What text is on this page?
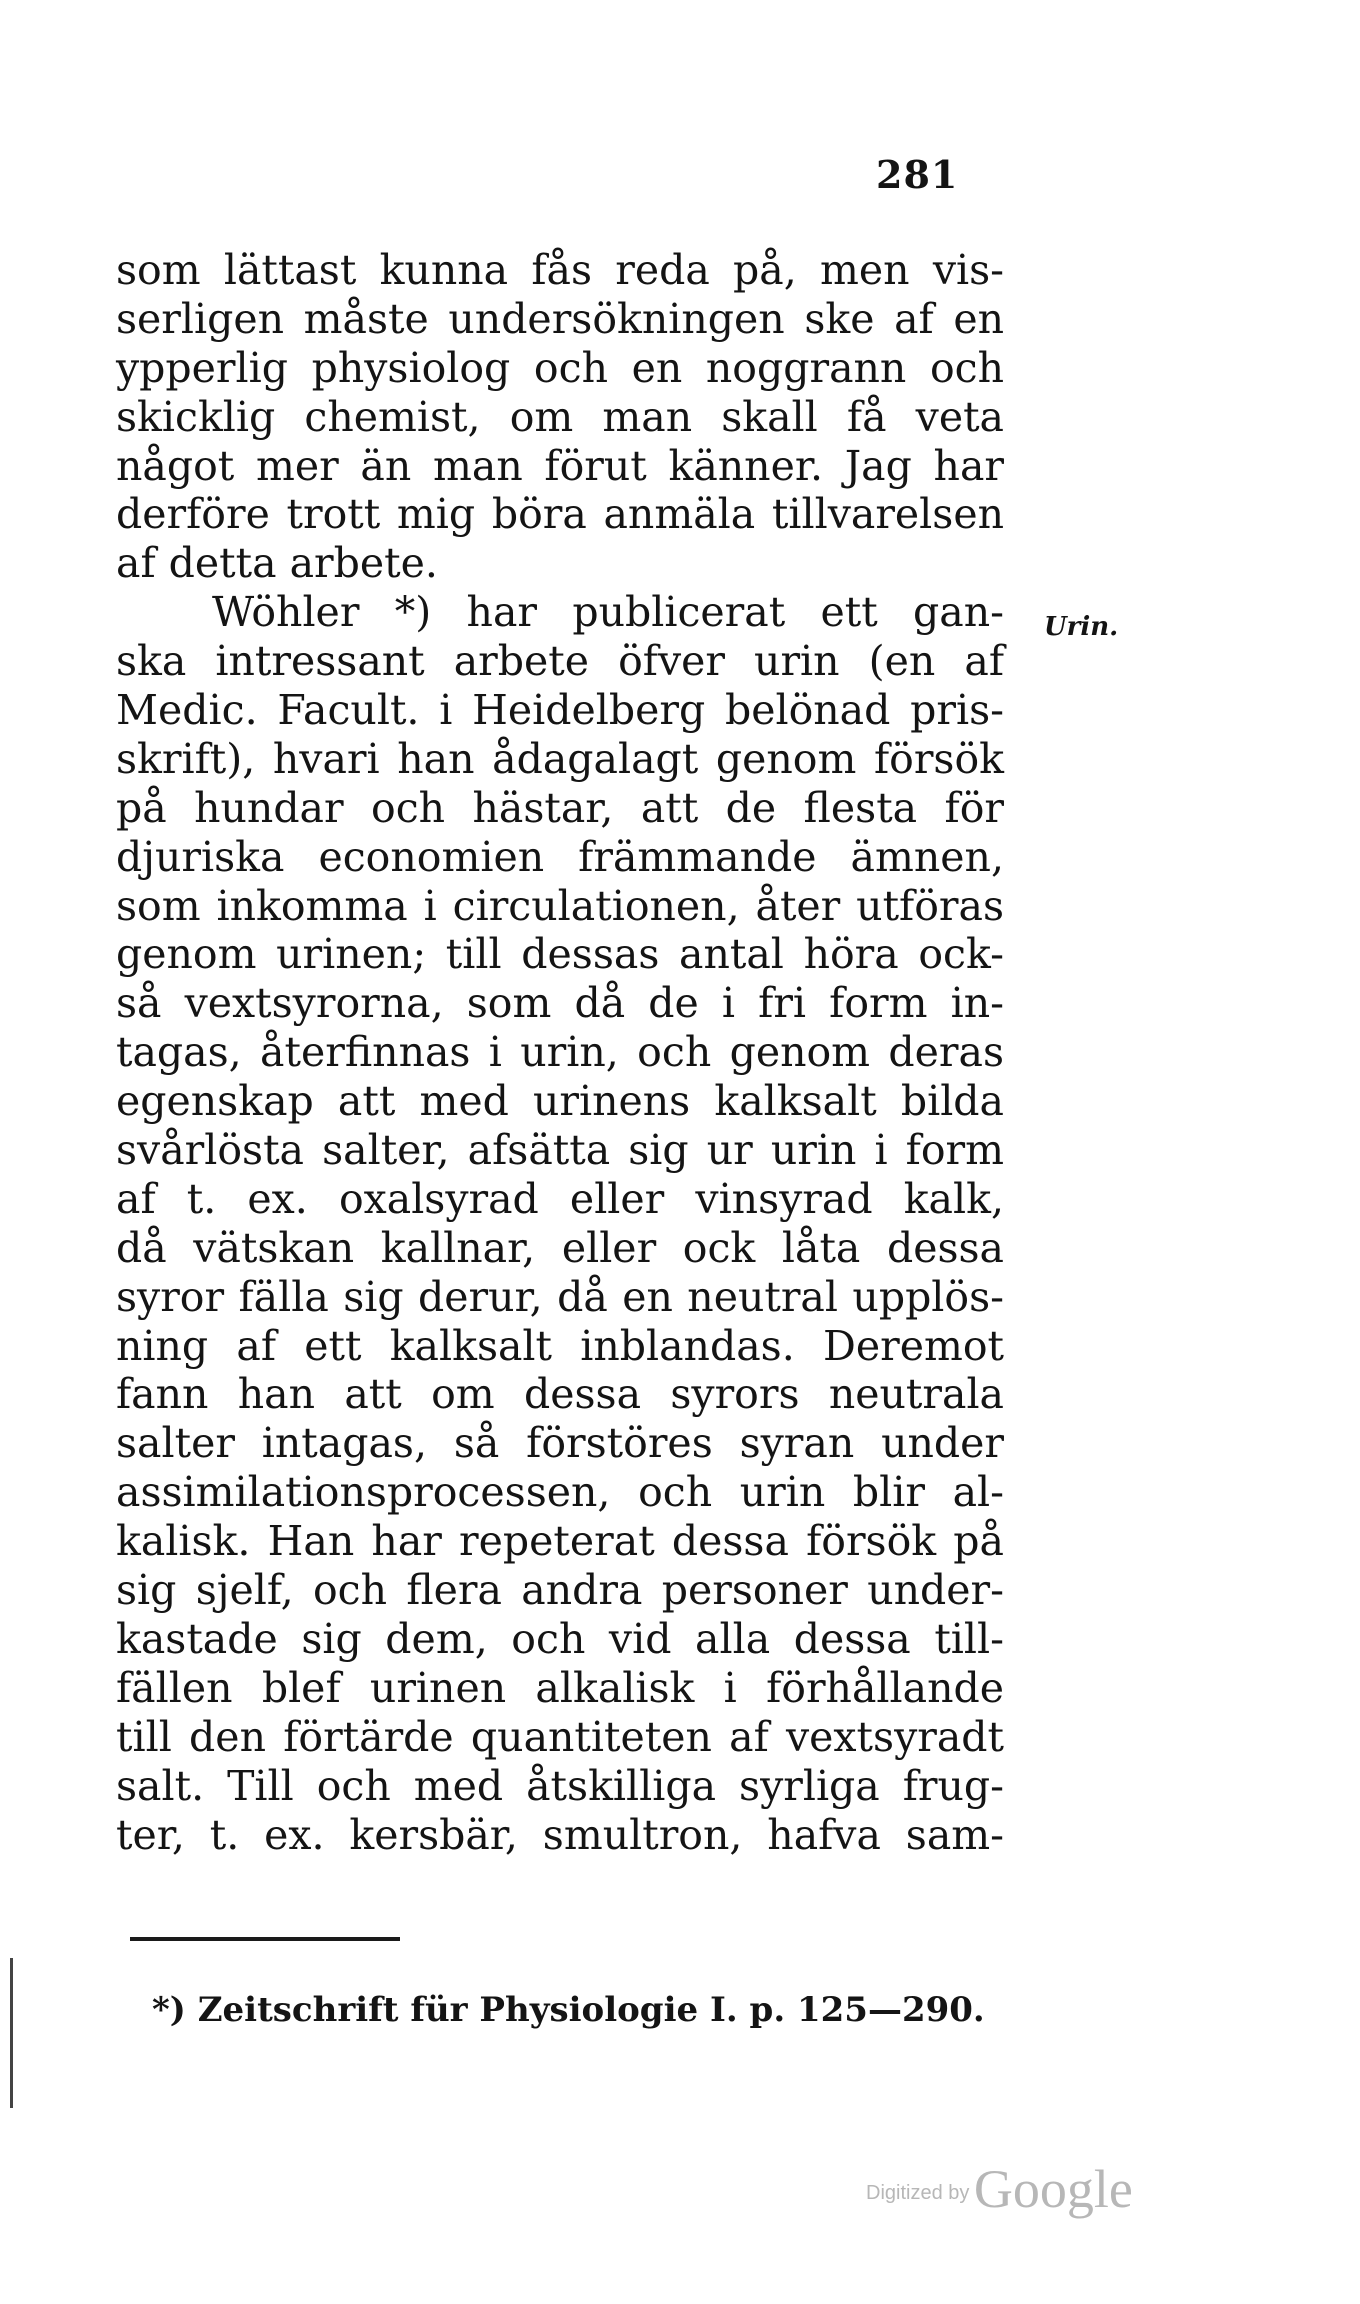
281
Urin.
som lättast kunna fås reda på, men vis-
serligen måste undersökningen ske af en
ypperlig physiolog och en noggrann och
skicklig chemist, om man skall få veta
något mer än man förut känner. Jag har
derföre trott mig böra anmäla tillvarelsen
af detta arbete.
Wöhler *) har publicerat ett gan-
ska intressant arbete öfver urin (en af
Medic. Facult. i Heidelberg belönad pris-
skrift), hvari han ådagalagt genom försök
på hundar och hästar, att de flesta för
djuriska economien främmande ämnen,
som inkomma i circulationen, åter utföras
genom urinen; till dessas antal höra ock-
så vextsyrorna, som då de i fri form in-
tagas, återfinnas i urin, och genom deras
egenskap att med urinens kalksalt bilda
svårlösta salter, afsätta sig ur urin i form
af t. ex. oxalsyrad eller vinsyrad kalk,
då vätskan kallnar, eller ock låta dessa
syror fälla sig derur, då en neutral upplös-
ning af ett kalksalt inblandas. Deremot
fann han att om dessa syrors neutrala
salter intagas, så förstöres syran under
assimilationsprocessen, och urin blir al-
kalisk. Han har repeterat dessa försök på
sig sjelf, och flera andra personer under-
kastade sig dem, och vid alla dessa till-
fällen blef urinen alkalisk i förhållande
till den förtärde quantiteten af vextsyradt
salt. Till och med åtskilliga syrliga frug-
ter, t. ex. kersbär, smultron, hafva sam-
*) Zeitschrift für Physiologie I. p. 125—290.
Digitized by Google
